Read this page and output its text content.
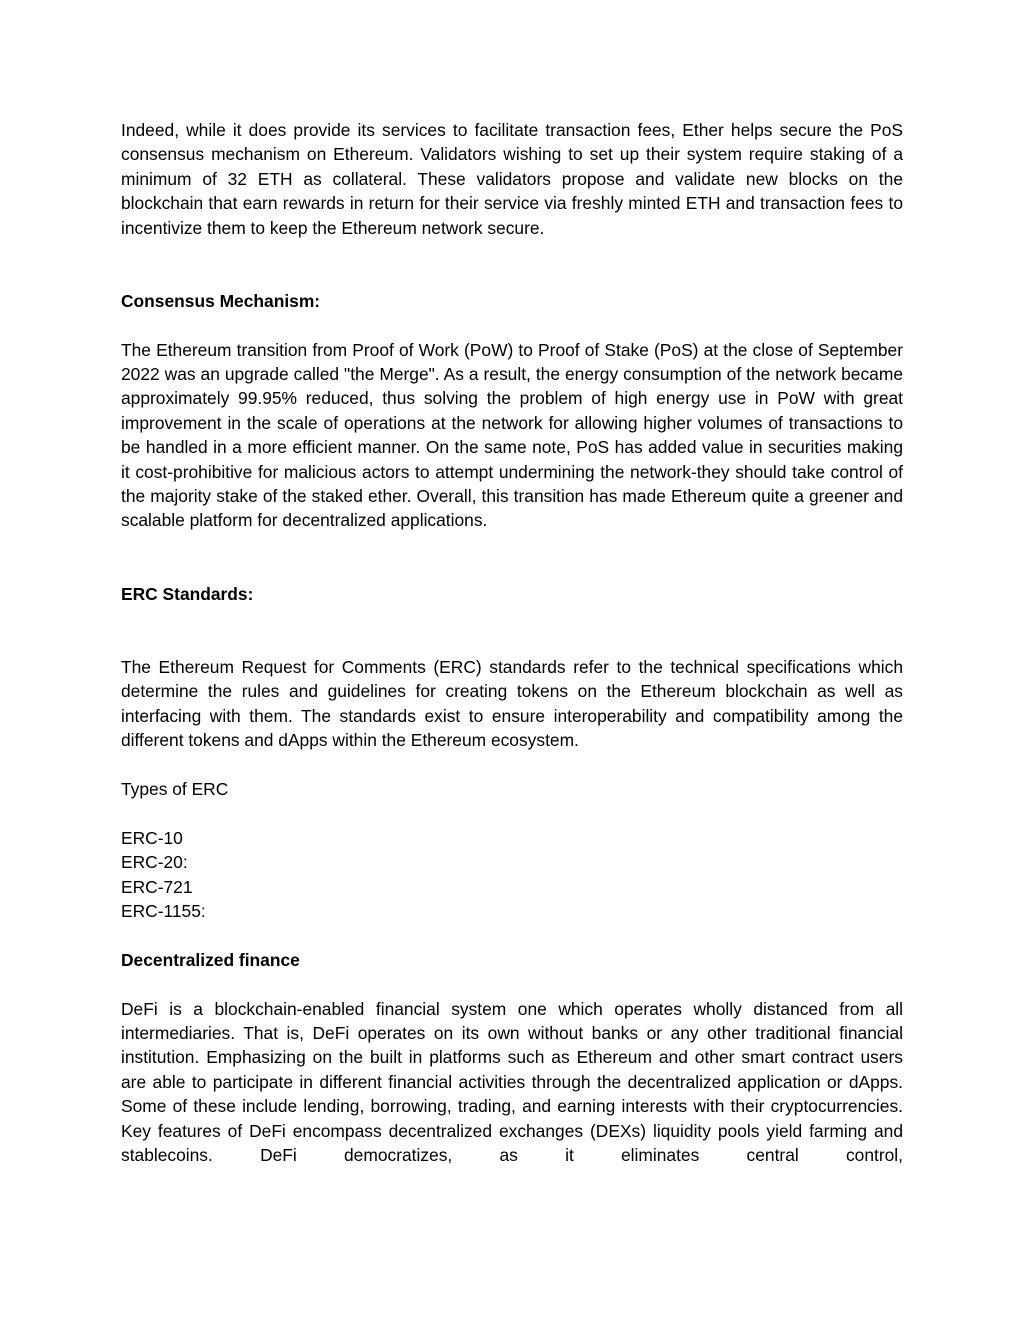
Indeed, while it does provide its services to facilitate transaction fees, Ether helps secure the PoS consensus mechanism on Ethereum. Validators wishing to set up their system require staking of a minimum of 32 ETH as collateral. These validators propose and validate new blocks on the blockchain that earn rewards in return for their service via freshly minted ETH and transaction fees to incentivize them to keep the Ethereum network secure.

Consensus Mechanism:

The Ethereum transition from Proof of Work (PoW) to Proof of Stake (PoS) at the close of September 2022 was an upgrade called "the Merge". As a result, the energy consumption of the network became approximately 99.95% reduced, thus solving the problem of high energy use in PoW with great improvement in the scale of operations at the network for allowing higher volumes of transactions to be handled in a more efficient manner. On the same note, PoS has added value in securities making it cost-prohibitive for malicious actors to attempt undermining the network-they should take control of the majority stake of the staked ether. Overall, this transition has made Ethereum quite a greener and scalable platform for decentralized applications.

ERC Standards:

The Ethereum Request for Comments (ERC) standards refer to the technical specifications which determine the rules and guidelines for creating tokens on the Ethereum blockchain as well as interfacing with them. The standards exist to ensure interoperability and compatibility among the different tokens and dApps within the Ethereum ecosystem.

Types of ERC

ERC-10
ERC-20:
ERC-721
ERC-1155:

Decentralized finance

DeFi is a blockchain-enabled financial system one which operates wholly distanced from all intermediaries. That is, DeFi operates on its own without banks or any other traditional financial institution. Emphasizing on the built in platforms such as Ethereum and other smart contract users are able to participate in different financial activities through the decentralized application or dApps. Some of these include lending, borrowing, trading, and earning interests with their cryptocurrencies. Key features of DeFi encompass decentralized exchanges (DEXs) liquidity pools yield farming and stablecoins. DeFi democratizes, as it eliminates central control,
